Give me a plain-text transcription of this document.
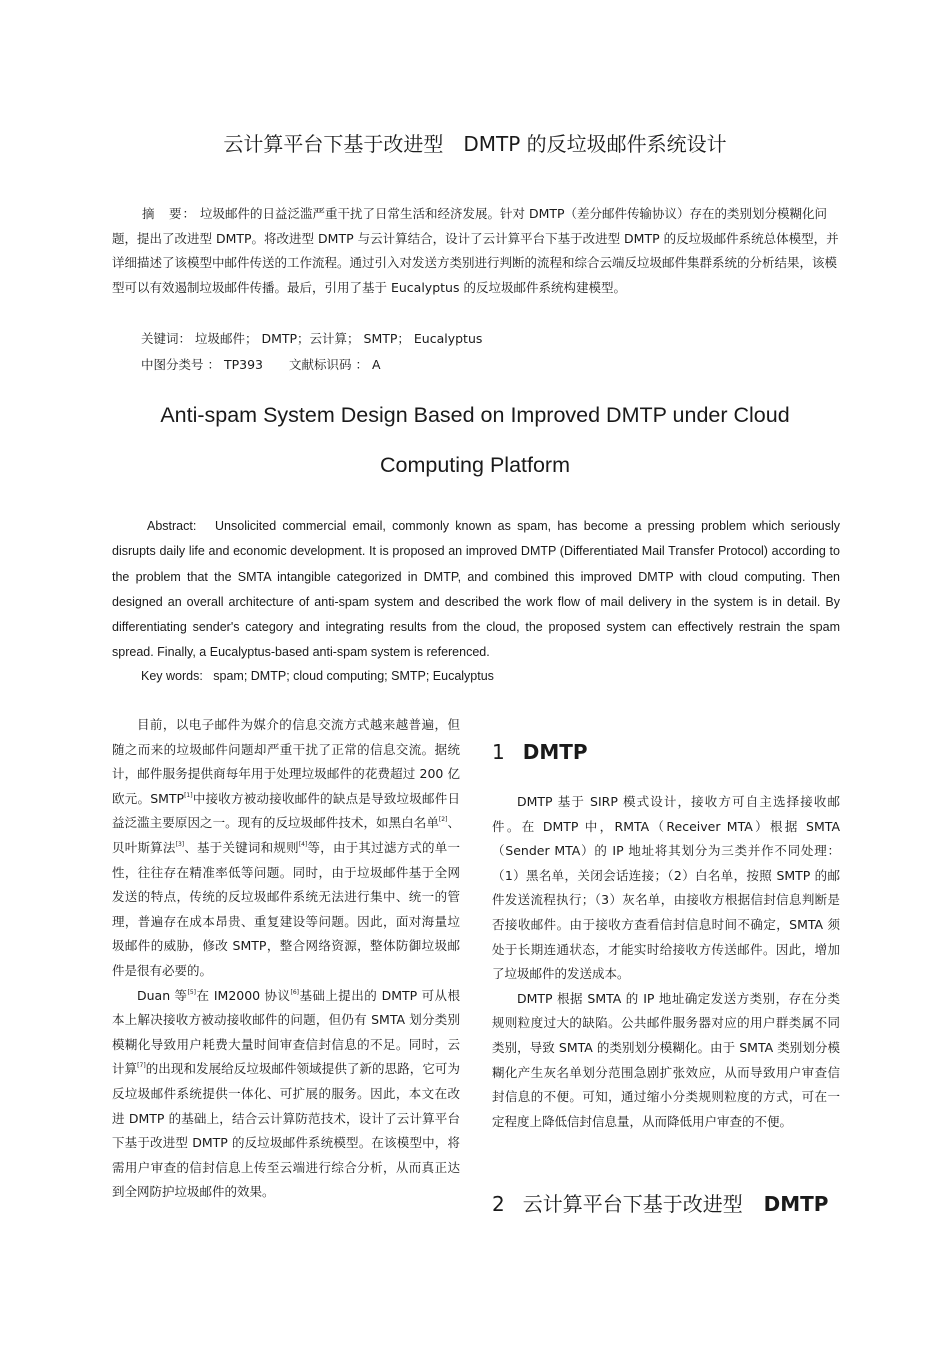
云计算平台下基于改进型　DMTP 的反垃圾邮件系统设计

摘　要： 垃圾邮件的日益泛滥严重干扰了日常生活和经济发展。针对 DMTP（差分邮件传输协议）存在的类别划分模糊化问题，提出了改进型 DMTP。将改进型 DMTP 与云计算结合，设计了云计算平台下基于改进型 DMTP 的反垃圾邮件系统总体模型，并详细描述了该模型中邮件传送的工作流程。通过引入对发送方类别进行判断的流程和综合云端反垃圾邮件集群系统的分析结果，该模型可以有效遏制垃圾邮件传播。最后，引用了基于 Eucalyptus 的反垃圾邮件系统构建模型。

关键词： 垃圾邮件； DMTP；云计算； SMTP； Eucalyptus

中图分类号 ： TP393 文献标识码 ： A

Anti-spam System Design Based on Improved DMTP under Cloud
Computing Platform

Abstract: Unsolicited commercial email, commonly known as spam, has become a pressing problem which seriously disrupts daily life and economic development. It is proposed an improved DMTP (Differentiated Mail Transfer Protocol) according to the problem that the SMTA intangible categorized in DMTP, and combined this improved DMTP with cloud computing. Then designed an overall architecture of anti-spam system and described the work flow of mail delivery in the system is in detail. By differentiating sender's category and integrating results from the cloud, the proposed system can effectively restrain the spam spread. Finally, a Eucalyptus-based anti-spam system is referenced.

Key words: spam; DMTP; cloud computing; SMTP; Eucalyptus

目前，以电子邮件为媒介的信息交流方式越来越普遍，但随之而来的垃圾邮件问题却严重干扰了正常的信息交流。据统计，邮件服务提供商每年用于处理垃圾邮件的花费超过 200 亿欧元。SMTP[1]中接收方被动接收邮件的缺点是导致垃圾邮件日益泛滥主要原因之一。现有的反垃圾邮件技术，如黑白名单[2]、贝叶斯算法[3]、基于关键词和规则[4]等，由于其过滤方式的单一性，往往存在精准率低等问题。同时，由于垃圾邮件基于全网发送的特点，传统的反垃圾邮件系统无法进行集中、统一的管理，普遍存在成本昂贵、重复建设等问题。因此，面对海量垃圾邮件的威胁，修改 SMTP，整合网络资源，整体防御垃圾邮件是很有必要的。

Duan 等[5]在 IM2000 协议[6]基础上提出的 DMTP 可从根本上解决接收方被动接收邮件的问题，但仍有 SMTA 划分类别模糊化导致用户耗费大量时间审查信封信息的不足。同时，云计算[7]的出现和发展给反垃圾邮件领域提供了新的思路，它可为反垃圾邮件系统提供一体化、可扩展的服务。因此，本文在改进 DMTP 的基础上，结合云计算防范技术，设计了云计算平台下基于改进型 DMTP 的反垃圾邮件系统模型。在该模型中，将需用户审查的信封信息上传至云端进行综合分析，从而真正达到全网防护垃圾邮件的效果。

1 DMTP

DMTP 基于 SIRP 模式设计，接收方可自主选择接收邮件。在 DMTP 中，RMTA（Receiver MTA）根据 SMTA（Sender MTA）的 IP 地址将其划分为三类并作不同处理：（1）黑名单，关闭会话连接；（2）白名单，按照 SMTP 的邮件发送流程执行；（3）灰名单，由接收方根据信封信息判断是否接收邮件。由于接收方查看信封信息时间不确定，SMTA 须处于长期连通状态，才能实时给接收方传送邮件。因此，增加了垃圾邮件的发送成本。

DMTP 根据 SMTA 的 IP 地址确定发送方类别，存在分类规则粒度过大的缺陷。公共邮件服务器对应的用户群类属不同类别，导致 SMTA 的类别划分模糊化。由于 SMTA 类别划分模糊化产生灰名单划分范围急剧扩张效应，从而导致用户审查信封信息的不便。可知，通过缩小分类规则粒度的方式，可在一定程度上降低信封信息量，从而降低用户审查的不便。

2 云计算平台下基于改进型 DMTP
